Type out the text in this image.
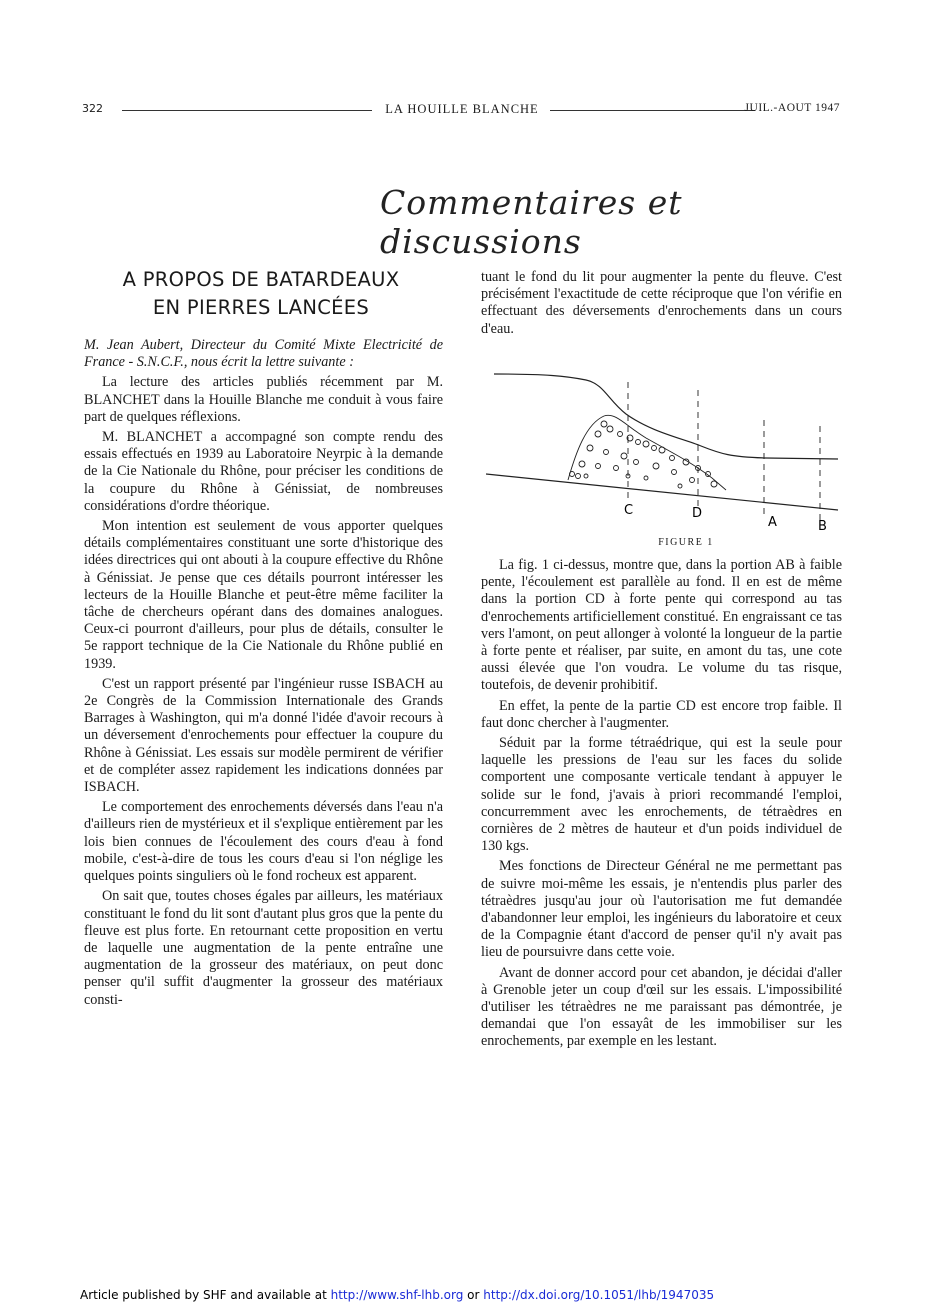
322	LA HOUILLE BLANCHE	JUIL.-AOUT 1947
Commentaires et discussions
A PROPOS DE BATARDEAUX
EN PIERRES LANCÉES

M. Jean Aubert, Directeur du Comité Mixte Electricité de France - S.N.C.F., nous écrit la lettre suivante :

La lecture des articles publiés récemment par M. BLANCHET dans la Houille Blanche me conduit à vous faire part de quelques réflexions.

M. BLANCHET a accompagné son compte rendu des essais effectués en 1939 au Laboratoire Neyrpic à la demande de la Cie Nationale du Rhône, pour préciser les conditions de la coupure du Rhône à Génissiat, de nombreuses considérations d'ordre théorique.

Mon intention est seulement de vous apporter quelques détails complémentaires constituant une sorte d'historique des idées directrices qui ont abouti à la coupure effective du Rhône à Génissiat. Je pense que ces détails pourront intéresser les lecteurs de la Houille Blanche et peut-être même faciliter la tâche de chercheurs opérant dans des domaines analogues. Ceux-ci pourront d'ailleurs, pour plus de détails, consulter le 5e rapport technique de la Cie Nationale du Rhône publié en 1939.

C'est un rapport présenté par l'ingénieur russe ISBACH au 2e Congrès de la Commission Internationale des Grands Barrages à Washington, qui m'a donné l'idée d'avoir recours à un déversement d'enrochements pour effectuer la coupure du Rhône à Génissiat. Les essais sur modèle permirent de vérifier et de compléter assez rapidement les indications données par ISBACH.

Le comportement des enrochements déversés dans l'eau n'a d'ailleurs rien de mystérieux et il s'explique entièrement par les lois bien connues de l'écoulement des cours d'eau à fond mobile, c'est-à-dire de tous les cours d'eau si l'on néglige les quelques points singuliers où le fond rocheux est apparent.

On sait que, toutes choses égales par ailleurs, les matériaux constituant le fond du lit sont d'autant plus gros que la pente du fleuve est plus forte. En retournant cette proposition en vertu de laquelle une augmentation de la pente entraîne une augmentation de la grosseur des matériaux, on peut donc penser qu'il suffit d'augmenter la grosseur des matériaux consti-

tuant le fond du lit pour augmenter la pente du fleuve. C'est précisément l'exactitude de cette réciproque que l'on vérifie en effectuant des déversements d'enrochements dans un cours d'eau.

C	D
A	B
FIGURE 1

La fig. 1 ci-dessus, montre que, dans la portion AB à faible pente, l'écoulement est parallèle au fond. Il en est de même dans la portion CD à forte pente qui correspond au tas d'enrochements artificiellement constitué. En engraissant ce tas vers l'amont, on peut allonger à volonté la longueur de la partie à forte pente et réaliser, par suite, en amont du tas, une cote aussi élevée que l'on voudra. Le volume du tas risque, toutefois, de devenir prohibitif.

En effet, la pente de la partie CD est encore trop faible. Il faut donc chercher à l'augmenter.

Séduit par la forme tétraédrique, qui est la seule pour laquelle les pressions de l'eau sur les faces du solide comportent une composante verticale tendant à appuyer le solide sur le fond, j'avais à priori recommandé l'emploi, concurremment avec les enrochements, de tétraèdres en cornières de 2 mètres de hauteur et d'un poids individuel de 130 kgs.

Mes fonctions de Directeur Général ne me permettant pas de suivre moi-même les essais, je n'entendis plus parler des tétraèdres jusqu'au jour où l'autorisation me fut demandée d'abandonner leur emploi, les ingénieurs du laboratoire et ceux de la Compagnie étant d'accord de penser qu'il n'y avait pas lieu de poursuivre dans cette voie.

Avant de donner accord pour cet abandon, je décidai d'aller à Grenoble jeter un coup d'œil sur les essais. L'impossibilité d'utiliser les tétraèdres ne me paraissant pas démontrée, je demandai que l'on essayât de les immobiliser sur les enrochements, par exemple en les lestant.

Article published by SHF and available at http://www.shf-lhb.org or http://dx.doi.org/10.1051/lhb/1947035
